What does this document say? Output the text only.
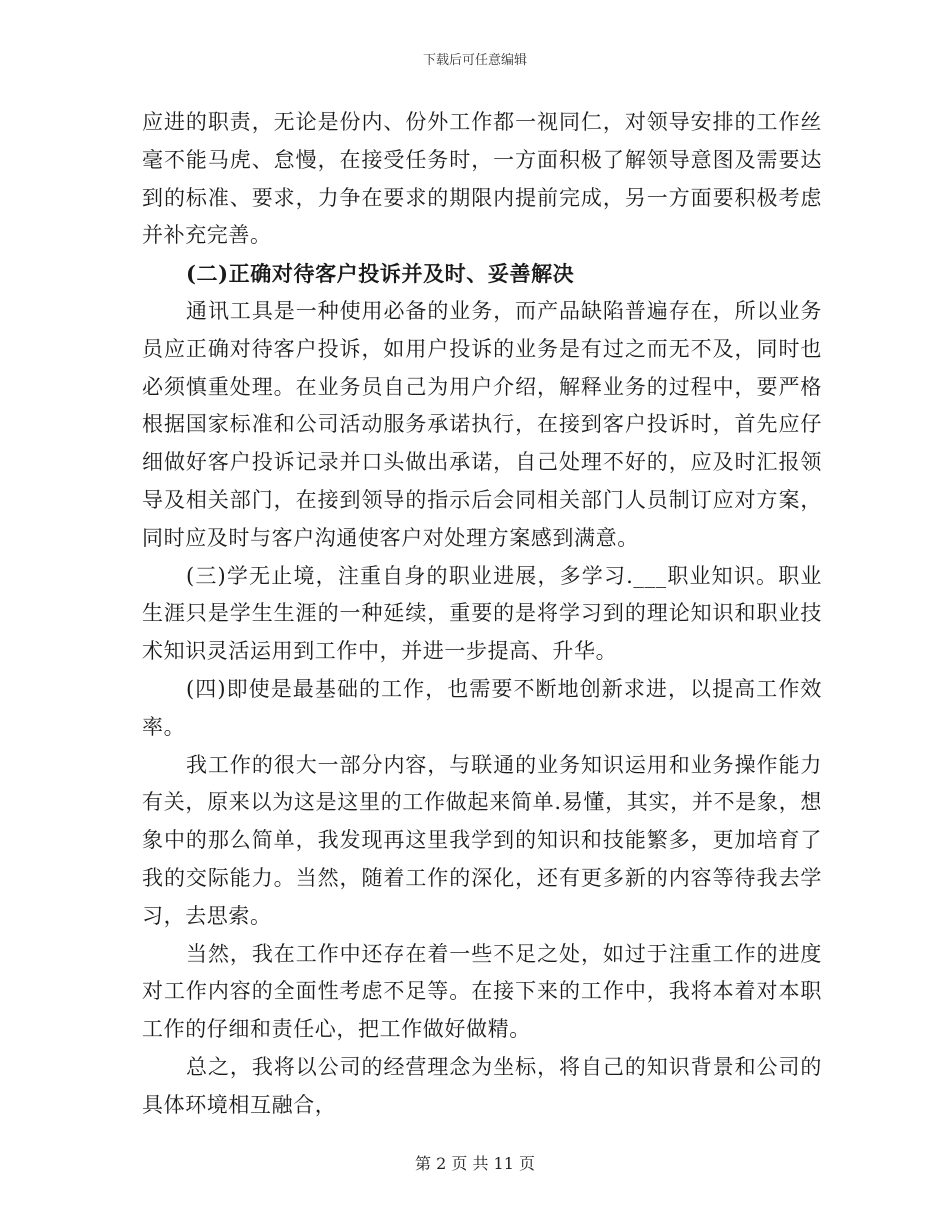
下载后可任意编辑

应进的职责，无论是份内、份外工作都一视同仁，对领导安排的工作丝毫不能马虎、怠慢，在接受任务时，一方面积极了解领导意图及需要达到的标准、要求，力争在要求的期限内提前完成，另一方面要积极考虑并补充完善。

(二)正确对待客户投诉并及时、妥善解决

通讯工具是一种使用必备的业务，而产品缺陷普遍存在，所以业务员应正确对待客户投诉，如用户投诉的业务是有过之而无不及，同时也必须慎重处理。在业务员自己为用户介绍，解释业务的过程中，要严格根据国家标准和公司活动服务承诺执行，在接到客户投诉时，首先应仔细做好客户投诉记录并口头做出承诺，自己处理不好的，应及时汇报领导及相关部门，在接到领导的指示后会同相关部门人员制订应对方案，同时应及时与客户沟通使客户对处理方案感到满意。

(三)学无止境，注重自身的职业进展，多学习.___职业知识。职业生涯只是学生生涯的一种延续，重要的是将学习到的理论知识和职业技术知识灵活运用到工作中，并进一步提高、升华。

(四)即使是最基础的工作，也需要不断地创新求进，以提高工作效率。

我工作的很大一部分内容，与联通的业务知识运用和业务操作能力有关，原来以为这是这里的工作做起来简单.易懂，其实，并不是象，想象中的那么简单，我发现再这里我学到的知识和技能繁多，更加培育了我的交际能力。当然，随着工作的深化，还有更多新的内容等待我去学习，去思索。

当然，我在工作中还存在着一些不足之处，如过于注重工作的进度对工作内容的全面性考虑不足等。在接下来的工作中，我将本着对本职工作的仔细和责任心，把工作做好做精。

总之，我将以公司的经营理念为坐标，将自己的知识背景和公司的具体环境相互融合，

第 2 页 共 11 页
